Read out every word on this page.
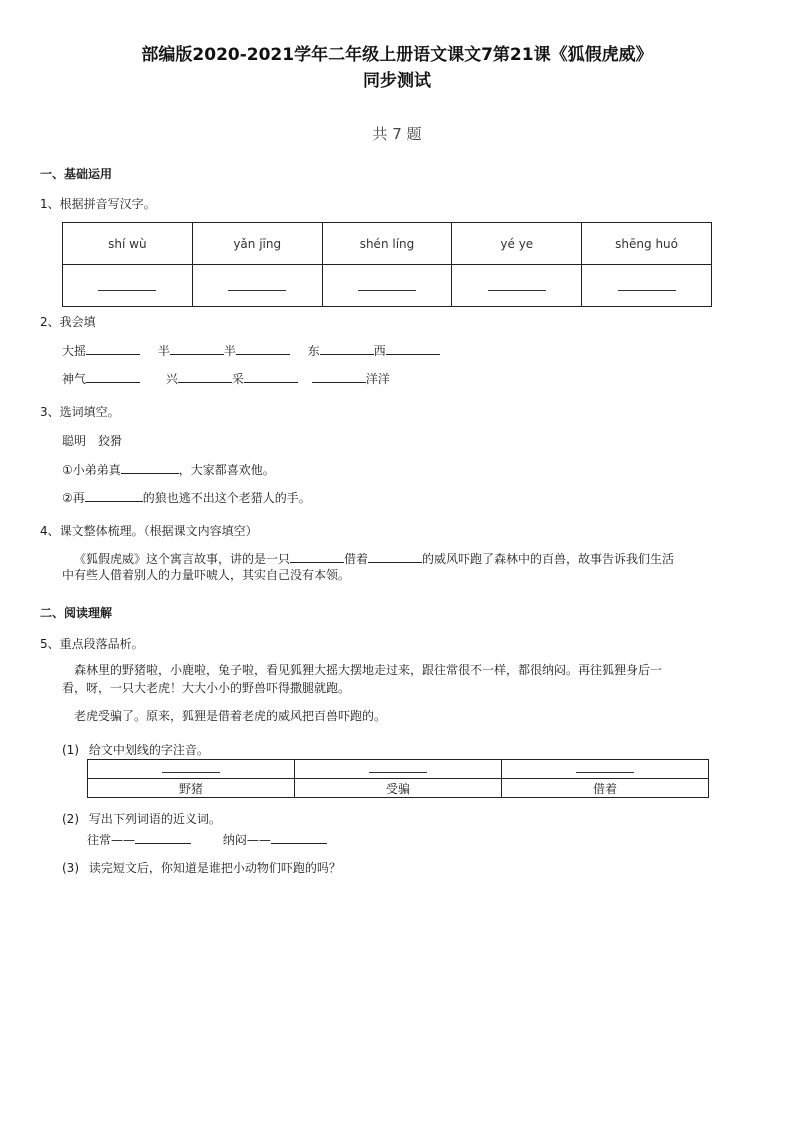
部编版2020-2021学年二年级上册语文课文7第21课《狐假虎威》
同步测试
共 7 题
一、基础运用
1、根据拼音写汉字。
shí wù	yǎn jīng	shén líng	yé ye	shēng huó

2、我会填
大摇	半	半	东	西
神气	兴	采	洋洋
3、选词填空。
聪明　狡猾
①小弟弟真	，大家都喜欢他。
②再	的狼也逃不出这个老猎人的手。
4、课文整体梳理。（根据课文内容填空）
《狐假虎威》这个寓言故事，讲的是一只	借着	的威风吓跑了森林中的百兽，故事告诉我们生活
中有些人借着别人的力量吓唬人，其实自己没有本领。
二、阅读理解
5、重点段落品析。
森林里的野猪啦，小鹿啦，兔子啦，看见狐狸大摇大摆地走过来，跟往常很不一样，都很纳闷。再往狐狸身后一
看，呀，一只大老虎！大大小小的野兽吓得撒腿就跑。
老虎受骗了。原来，狐狸是借着老虎的威风把百兽吓跑的。
(1) 给文中划线的字注音。

野猪	受骗	借着
(2) 写出下列词语的近义词。
往常——	纳闷——
(3) 读完短文后，你知道是谁把小动物们吓跑的吗？
